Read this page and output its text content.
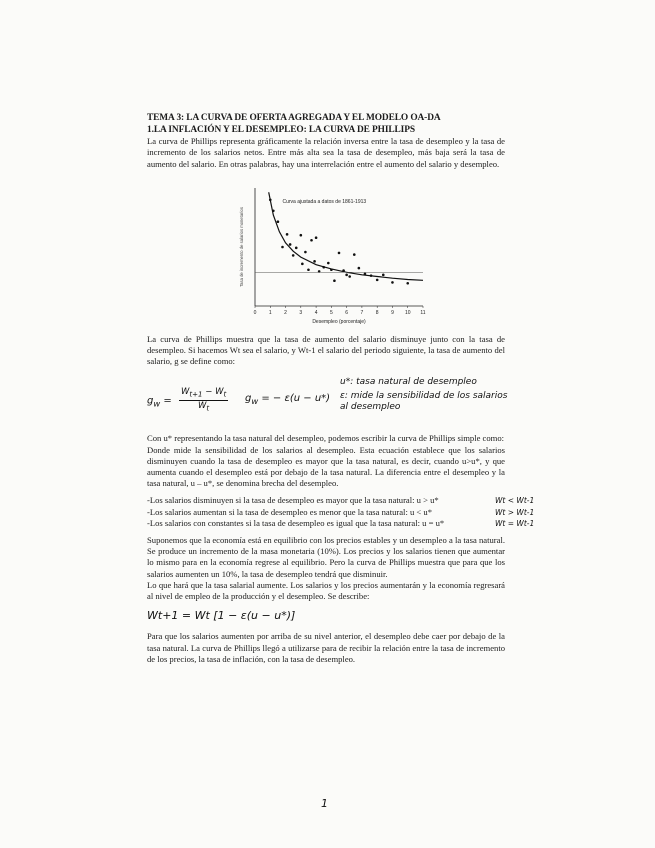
TEMA 3: LA CURVA DE OFERTA AGREGADA Y EL MODELO OA-DA
1.LA INFLACIÓN Y EL DESEMPLEO: LA CURVA DE PHILLIPS
La curva de Phillips representa gráficamente la relación inversa entre la tasa de desempleo y la tasa de incremento de los salarios netos. Entre más alta sea la tasa de desempleo, más baja será la tasa de aumento del salario. En otras palabras, hay una interrelación entre el aumento del salario y desempleo.
0 1 2 3 4 5 6 7 8 9 10 11
Curva ajustada a datos de 1861-1913
Desempleo (porcentaje)
Tasa de incremento de salarios monetarios
La curva de Phillips muestra que la tasa de aumento del salario disminuye junto con la tasa de desempleo. Si hacemos Wt sea el salario, y Wt-1 el salario del periodo siguiente, la tasa de aumento del salario, g se define como:
$g_w = \frac{W_{t+1} - W_t}{W_t} g_w$ = − ε(u − u*)
u*: tasa natural de desempleo
ε: mide la sensibilidad de los salarios al desempleo
Con u* representando la tasa natural del desempleo, podemos escribir la curva de Phillips simple como:
Donde mide la sensibilidad de los salarios al desempleo. Esta ecuación establece que los salarios disminuyen cuando la tasa de desempleo es mayor que la tasa natural, es decir, cuando u>u*, y que aumenta cuando el desempleo está por debajo de la tasa natural. La diferencia entre el desempleo y la tasa natural, u – u*, se denomina brecha del desempleo.
-Los salarios disminuyen si la tasa de desempleo es mayor que la tasa natural: u > u*	Wt < Wt-1
-Los salarios aumentan si la tasa de desempleo es menor que la tasa natural: u < u*	Wt > Wt-1
-Los salarios con constantes si la tasa de desempleo es igual que la tasa natural: u = u*	Wt = Wt-1
Suponemos que la economía está en equilibrio con los precios estables y un desempleo a la tasa natural. Se produce un incremento de la masa monetaria (10%). Los precios y los salarios tienen que aumentar lo mismo para en la economía regrese al equilibrio. Pero la curva de Phillips muestra que para que los salarios aumenten un 10%, la tasa de desempleo tendrá que disminuir.
Lo que hará que la tasa salarial aumente. Los salarios y los precios aumentarán y la economía regresará al nivel de empleo de la producción y el desempleo. Se describe:
Wt+1 = Wt [1 − ε(u − u*)]
Para que los salarios aumenten por arriba de su nivel anterior, el desempleo debe caer por debajo de la tasa natural. La curva de Phillips llegó a utilizarse para de recibir la relación entre la tasa de incremento de los precios, la tasa de inflación, con la tasa de desempleo.
1
